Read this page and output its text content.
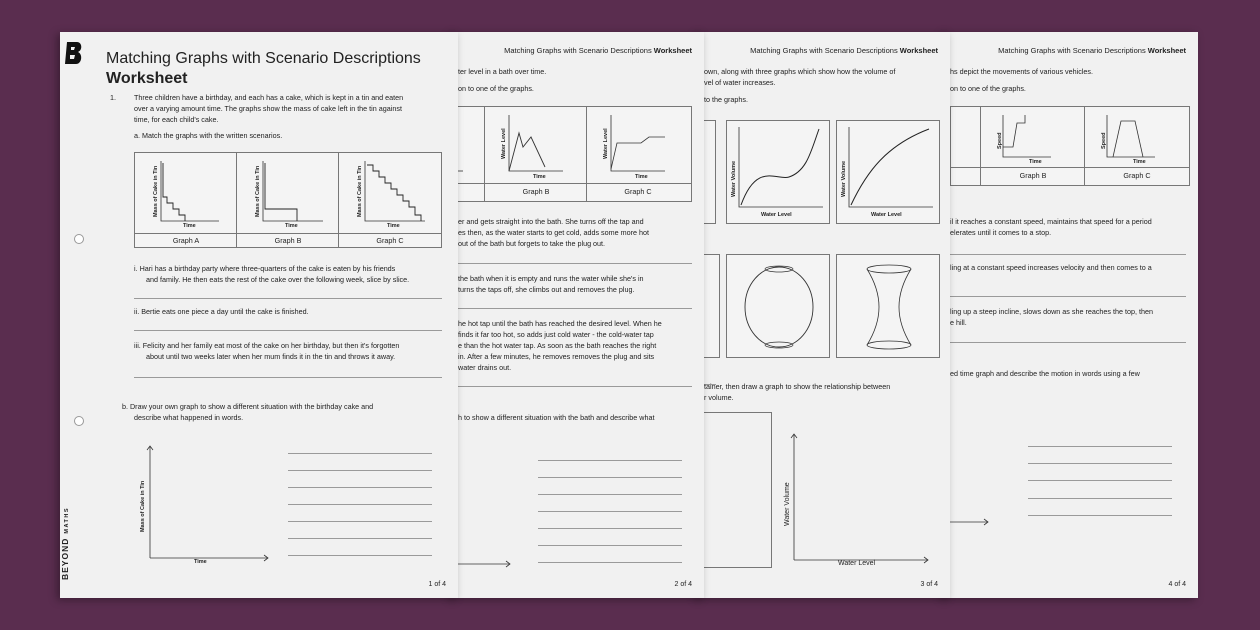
Matching Graphs with Scenario Descriptions Worksheet
hs depict the movements of various vehicles.
on to one of the graphs.
Graph B	Graph C
Speed	Speed
Time	Time
il it reaches a constant speed, maintains that speed for a period
elerates until it comes to a stop.
ling at a constant speed increases velocity and then comes to a
ling up a steep incline, slows down as she reaches the top, then
e hill.
ed time graph and describe the motion in words using a few
4 of 4
Matching Graphs with Scenario Descriptions Worksheet
own, along with three graphs which show how the volume of
vel of water increases.
to the graphs.
Water Volume
Water Level
Water Volume
Water Level
tainer, then draw a graph to show the relationship between
r volume.
Water Volume
Water Level
3 of 4
Matching Graphs with Scenario Descriptions Worksheet
ter level in a bath over time.
on to one of the graphs.
Graph B	Graph C
Water Level	Water Level
Time	Time
er and gets straight into the bath. She turns off the tap and
es then, as the water starts to get cold, adds some more hot
out of the bath but forgets to take the plug out.
the bath when it is empty and runs the water while she's in
turns the taps off, she climbs out and removes the plug.
he hot tap until the bath has reached the desired level. When he
finds it far too hot, so adds just cold water - the cold-water tap
e than the hot water tap. As soon as the bath reaches the right
in. After a few minutes, he removes removes the plug and sits
water drains out.
h to show a different situation with the bath and describe what
2 of 4
Matching Graphs with Scenario Descriptions
Worksheet
BEYONDMATHS
1.	Three children have a birthday, and each has a cake, which is kept in a tin and eaten
over a varying amount time. The graphs show the mass of cake left in the tin against
time, for each child's cake.
a. Match the graphs with the written scenarios.
Graph A	Graph B	Graph C
Mass of Cake in Tin	Mass of Cake in Tin	Mass of Cake in Tin
Time	Time	Time
i. Hari has a birthday party where three-quarters of the cake is eaten by his friends
and family. He then eats the rest of the cake over the following week, slice by slice.
ii. Bertie eats one piece a day until the cake is finished.
iii. Felicity and her family eat most of the cake on her birthday, but then it's forgotten
about until two weeks later when her mum finds it in the tin and throws it away.
b. Draw your own graph to show a different situation with the birthday cake and
describe what happened in words.
Mass of Cake in Tin
Time
1 of 4
